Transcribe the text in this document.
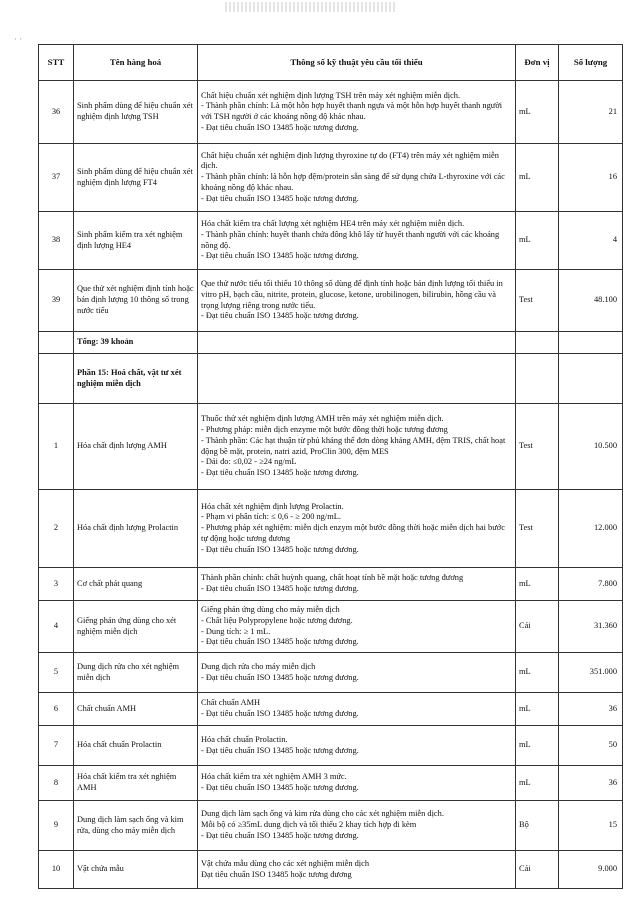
· ·
STT	Tên hàng hoá	Thông số kỹ thuật yêu cầu tối thiểu	Đơn vị	Số lượng
36	Sinh phẩm dùng để hiệu chuẩn xét nghiệm định lượng TSH	Chất hiệu chuẩn xét nghiệm định lượng TSH trên máy xét nghiệm miễn dịch.
- Thành phần chính: Là một hỗn hợp huyết thanh ngựa và một hỗn hợp huyết thanh người với TSH người ở các khoảng nồng độ khác nhau.
- Đạt tiêu chuẩn ISO 13485 hoặc tương đương.	mL	21
37	Sinh phẩm dùng để hiệu chuẩn xét nghiệm định lượng FT4	Chất hiệu chuẩn xét nghiệm định lượng thyroxine tự do (FT4) trên máy xét nghiệm miễn dịch.
- Thành phần chính: là hỗn hợp đệm/protein sẵn sàng để sử dụng chứa L-thyroxine với các khoảng nồng độ khác nhau.
- Đạt tiêu chuẩn ISO 13485 hoặc tương đương.	mL	16
38	Sinh phẩm kiểm tra xét nghiệm định lượng HE4	Hóa chất kiểm tra chất lượng xét nghiệm HE4 trên máy xét nghiệm miễn dịch.
- Thành phần chính: huyết thanh chứa đông khô lấy từ huyết thanh người với các khoảng nồng độ.
- Đạt tiêu chuẩn ISO 13485 hoặc tương đương.	mL	4
39	Que thử xét nghiệm định tính hoặc bán định lượng 10 thông số trong nước tiểu	Que thử nước tiểu tối thiểu 10 thông số dùng để định tính hoặc bán định lượng tối thiểu in vitro pH, bạch cầu, nitrite, protein, glucose, ketone, urobilinogen, bilirubin, hồng cầu và trọng lượng riêng trong nước tiểu.
- Đạt tiêu chuẩn ISO 13485 hoặc tương đương.	Test	48.100
	Tổng: 39 khoản			
	Phần 15: Hoá chất, vật tư xét nghiệm miễn dịch			
1	Hóa chất định lượng AMH	Thuốc thử xét nghiệm định lượng AMH trên máy xét nghiệm miễn dịch.
- Phương pháp: miễn dịch enzyme một bước đồng thời hoặc tương đương
- Thành phần: Các hạt thuận từ phủ kháng thể đơn dòng kháng AMH, đệm TRIS, chất hoạt động bề mặt, protein, natri azid, ProClin 300, đệm MES
- Dải đo: ≤0,02 - ≥24 ng/mL
- Đạt tiêu chuẩn ISO 13485 hoặc tương đương.	Test	10.500
2	Hóa chất định lượng Prolactin	Hóa chất xét nghiệm định lượng Prolactin.
- Phạm vi phân tích: ≤ 0,6 - ≥ 200 ng/mL.
- Phương pháp xét nghiệm: miễn dịch enzym một bước đồng thời hoặc miễn dịch hai bước tự động hoặc tương đương
- Đạt tiêu chuẩn ISO 13485 hoặc tương đương.	Test	12.000
3	Cơ chất phát quang	Thành phần chính: chất huỳnh quang, chất hoạt tính bề mặt hoặc tương đương
- Đạt tiêu chuẩn ISO 13485 hoặc tương đương.	mL	7.800
4	Giếng phản ứng dùng cho xét nghiệm miễn dịch	Giếng phản ứng dùng cho máy miễn dịch
- Chất liệu Polypropylene hoặc tương đương.
- Dung tích: ≥ 1 mL.
- Đạt tiêu chuẩn ISO 13485 hoặc tương đương.	Cái	31.360
5	Dung dịch rửa cho xét nghiệm miễn dịch	Dung dịch rửa cho máy miễn dịch
- Đạt tiêu chuẩn ISO 13485 hoặc tương đương.	mL	351.000
6	Chất chuẩn AMH	Chất chuẩn AMH
- Đạt tiêu chuẩn ISO 13485 hoặc tương đương.	mL	36
7	Hóa chất chuẩn Prolactin	Hóa chất chuẩn Prolactin.
- Đạt tiêu chuẩn ISO 13485 hoặc tương đương.	mL	50
8	Hóa chất kiểm tra xét nghiệm AMH	Hóa chất kiểm tra xét nghiệm AMH 3 mức.
- Đạt tiêu chuẩn ISO 13485 hoặc tương đương.	mL	36
9	Dung dịch làm sạch ống và kim rửa, dùng cho máy miễn dịch	Dung dịch làm sạch ống và kim rửa dùng cho các xét nghiệm miễn dịch.
Mỗi bộ có ≥35mL dung dịch và tối thiểu 2 khay tích hợp đi kèm
- Đạt tiêu chuẩn ISO 13485 hoặc tương đương.	Bộ	15
10	Vật chứa mẫu	Vật chứa mẫu dùng cho các xét nghiệm miễn dịch
Đạt tiêu chuẩn ISO 13485 hoặc tương đương	Cái	9.000
